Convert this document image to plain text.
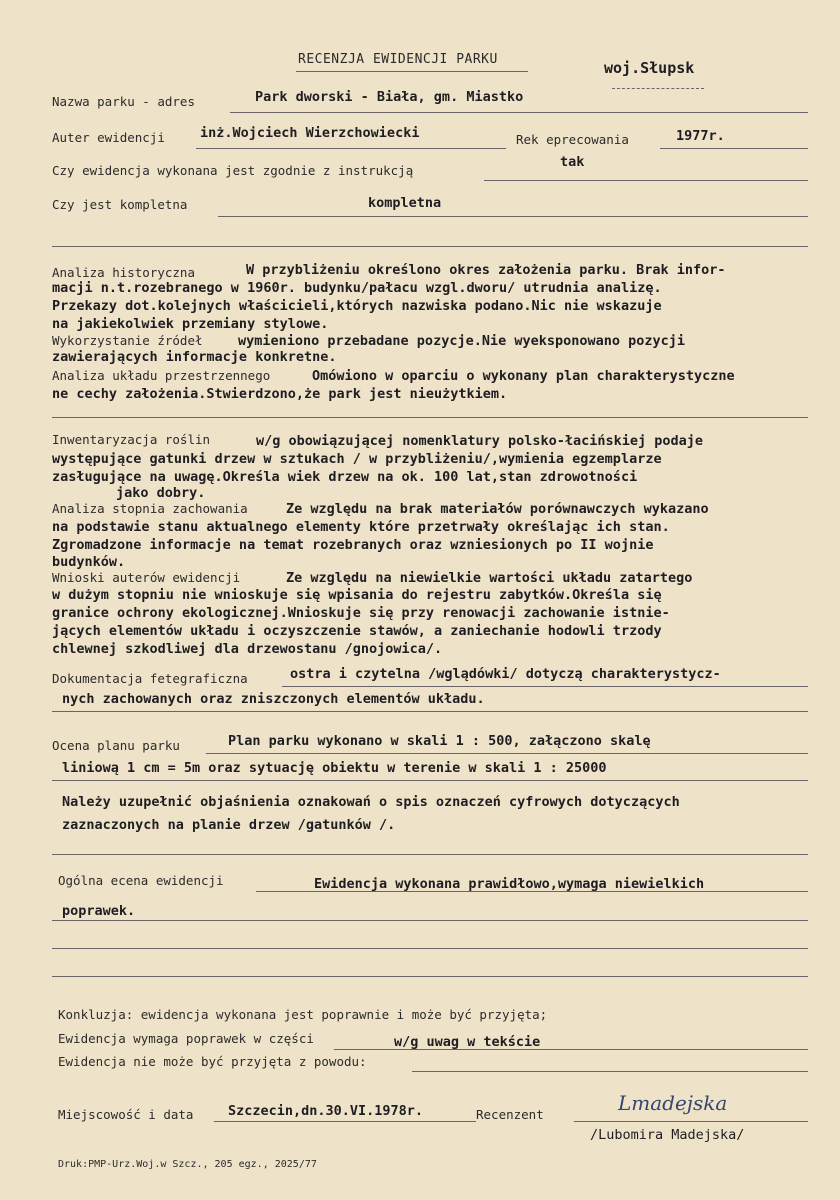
RECENZJA EWIDENCJI PARKU	woj.Słupsk
Nazwa parku - adres	Park dworski - Biała, gm. Miastko
Auter ewidencji	inż.Wojciech Wierzchowiecki	Rek eprecowania	1977r.
Czy ewidencja wykonana jest zgodnie z instrukcją
tak
Czy jest kompletna	kompletna
Analiza historyczna	W przybliżeniu określono okres założenia parku. Brak infor-
macji n.t.rozebranego w 1960r. budynku/pałacu wzgl.dworu/ utrudnia analizę.
Przekazy dot.kolejnych właścicieli,których nazwiska podano.Nic nie wskazuje
na jakiekolwiek przemiany stylowe.
Wykorzystanie źródeł	wymieniono przebadane pozycje.Nie wyeksponowano pozycji
zawierających informacje konkretne.
Analiza układu przestrzennego	Omówiono w oparciu o wykonany plan charakterystyczne
ne cechy założenia.Stwierdzono,że park jest nieużytkiem.
Inwentaryzacja roślin	w/g obowiązującej nomenklatury polsko-łacińskiej podaje
występujące gatunki drzew w sztukach / w przybliżeniu/,wymienia egzemplarze
zasługujące na uwagę.Określa wiek drzew na ok. 100 lat,stan zdrowotności
jako dobry.
Analiza stopnia zachowania	Ze względu na brak materiałów porównawczych wykazano
na podstawie stanu aktualnego elementy które przetrwały określając ich stan.
Zgromadzone informacje na temat rozebranych oraz wzniesionych po II wojnie
budynków.
Wnioski auterów ewidencji	Ze względu na niewielkie wartości układu zatartego
w dużym stopniu nie wnioskuje się wpisania do rejestru zabytków.Określa się
granice ochrony ekologicznej.Wnioskuje się przy renowacji zachowanie istnie-
jących elementów układu i oczyszczenie stawów, a zaniechanie hodowli trzody
chlewnej szkodliwej dla drzewostanu /gnojowica/.
Dokumentacja fetegraficzna	ostra i czytelna /wglądówki/ dotyczą charakterystycz-
nych zachowanych oraz zniszczonych elementów układu.
Ocena planu parku	Plan parku wykonano w skali 1 : 500, załączono skalę
liniową 1 cm = 5m oraz sytuację obiektu w terenie w skali 1 : 25000
Należy uzupełnić objaśnienia oznakowań o spis oznaczeń cyfrowych dotyczących
zaznaczonych na planie drzew /gatunków /.
Ogólna ecena ewidencji	Ewidencja wykonana prawidłowo,wymaga niewielkich
poprawek.
Konkluzja: ewidencja wykonana jest poprawnie i może być przyjęta;
Ewidencja wymaga poprawek w części	w/g uwag w tekście
Ewidencja nie może być przyjęta z powodu:
Miejscowość i data	Szczecin,dn.30.VI.1978r.	Recenzent	Lmadejska
/Lubomira Madejska/
Druk:PMP-Urz.Woj.w Szcz., 205 egz., 2025/77
